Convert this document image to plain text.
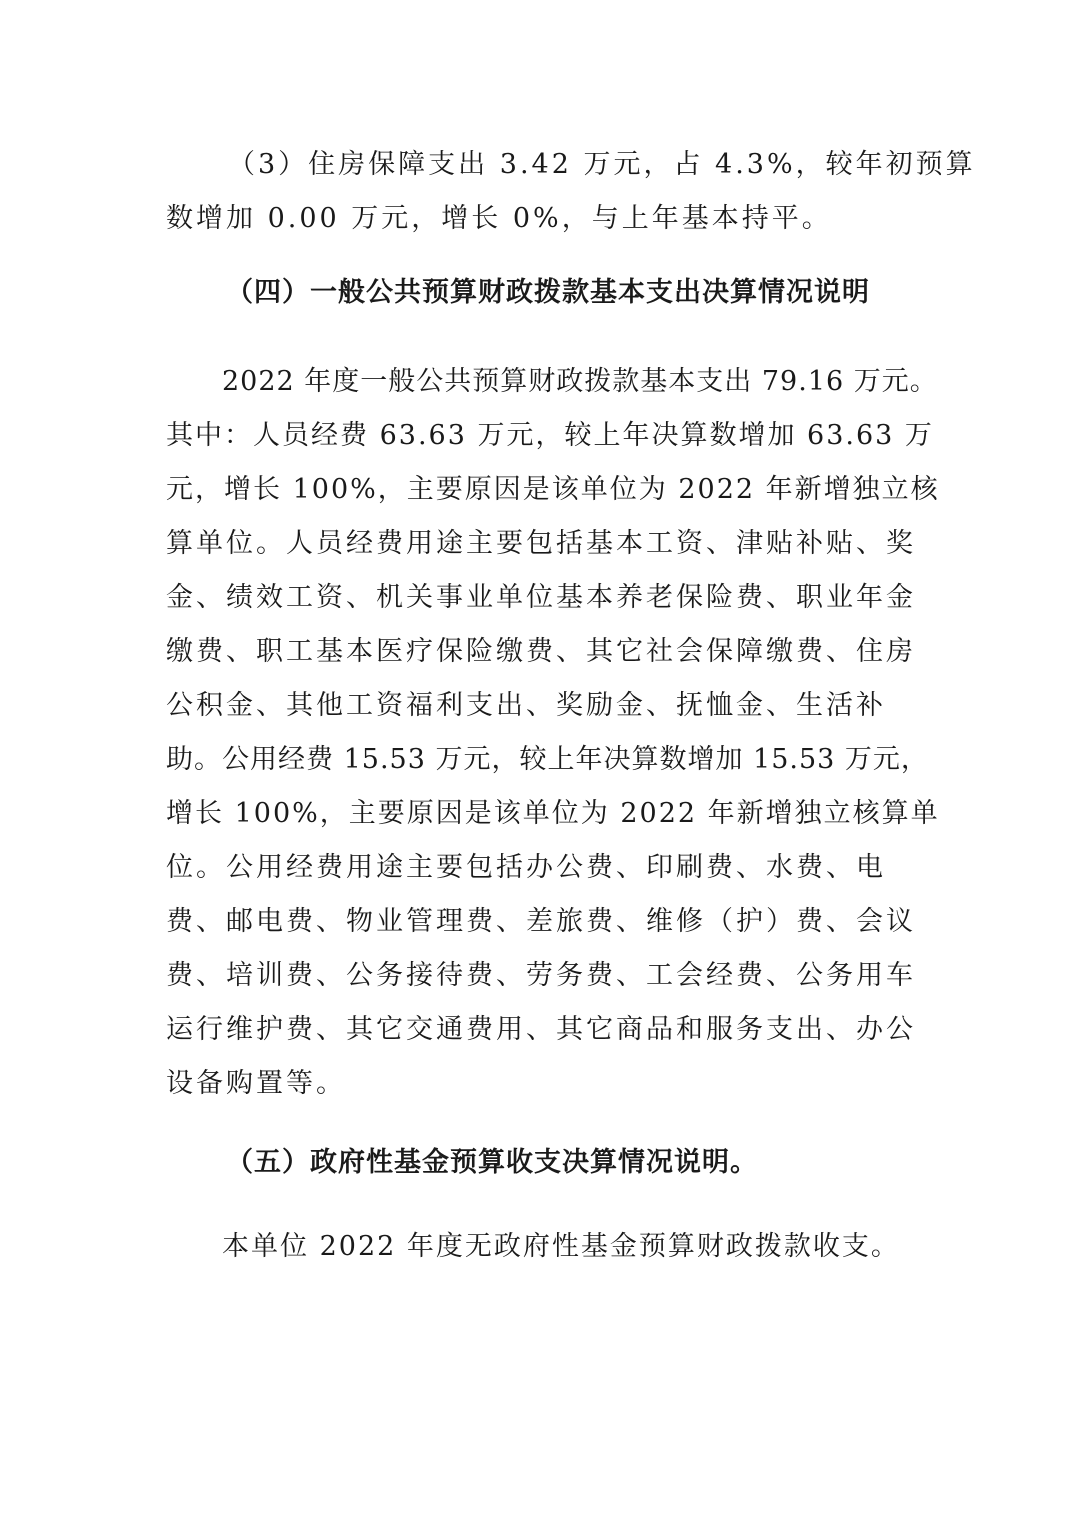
（3）住房保障支出 3.42 万元，占 4.3%，较年初预算
数增加 0.00 万元，增长 0%，与上年基本持平。
（四）一般公共预算财政拨款基本支出决算情况说明
2022 年度一般公共预算财政拨款基本支出 79.16 万元。
其中：人员经费 63.63 万元，较上年决算数增加 63.63 万
元，增长 100%，主要原因是该单位为 2022 年新增独立核
算单位。人员经费用途主要包括基本工资、津贴补贴、奖
金、绩效工资、机关事业单位基本养老保险费、职业年金
缴费、职工基本医疗保险缴费、其它社会保障缴费、住房
公积金、其他工资福利支出、奖励金、抚恤金、生活补
助。公用经费 15.53 万元，较上年决算数增加 15.53 万元，
增长 100%，主要原因是该单位为 2022 年新增独立核算单
位。公用经费用途主要包括办公费、印刷费、水费、电
费、邮电费、物业管理费、差旅费、维修（护）费、会议
费、培训费、公务接待费、劳务费、工会经费、公务用车
运行维护费、其它交通费用、其它商品和服务支出、办公
设备购置等。
（五）政府性基金预算收支决算情况说明。
本单位 2022 年度无政府性基金预算财政拨款收支。
